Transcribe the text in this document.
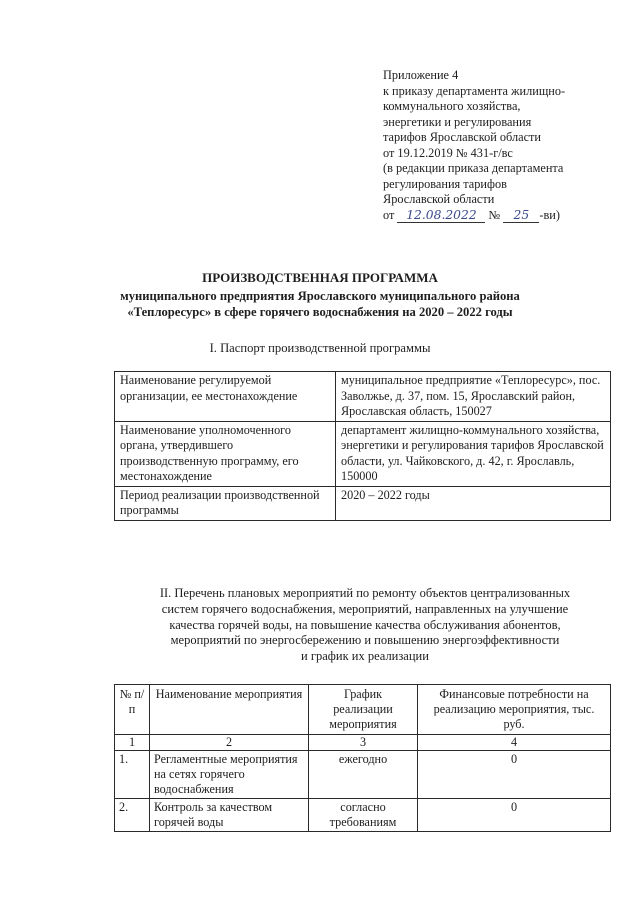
Приложение 4
к приказу департамента жилищно-
коммунального хозяйства,
энергетики и регулирования
тарифов Ярославской области
от 19.12.2019 № 431-г/вс
(в редакции приказа департамента
регулирования тарифов
Ярославской области
от 12.08.2022 № 25 -ви)
ПРОИЗВОДСТВЕННАЯ ПРОГРАММА
муниципального предприятия Ярославского муниципального района
«Теплоресурс» в сфере горячего водоснабжения на 2020 – 2022 годы
I. Паспорт производственной программы
Наименование регулируемой организации, ее местонахождение	муниципальное предприятие «Теплоресурс», пос. Заволжье, д. 37, пом. 15, Ярославский район, Ярославская область, 150027
Наименование уполномоченного органа, утвердившего производственную программу, его местонахождение	департамент жилищно-коммунального хозяйства, энергетики и регулирования тарифов Ярославской области, ул. Чайковского, д. 42, г. Ярославль, 150000
Период реализации производственной программы	2020 – 2022 годы
II. Перечень плановых мероприятий по ремонту объектов централизованных
систем горячего водоснабжения, мероприятий, направленных на улучшение
качества горячей воды, на повышение качества обслуживания абонентов,
мероприятий по энергосбережению и повышению энергоэффективности
и график их реализации
№ п/п	Наименование мероприятия	График реализации мероприятия	Финансовые потребности на реализацию мероприятия, тыс. руб.
1	2	3	4
1.	Регламентные мероприятия на сетях горячего водоснабжения	ежегодно	0
2.	Контроль за качеством горячей воды	согласно требованиям	0
